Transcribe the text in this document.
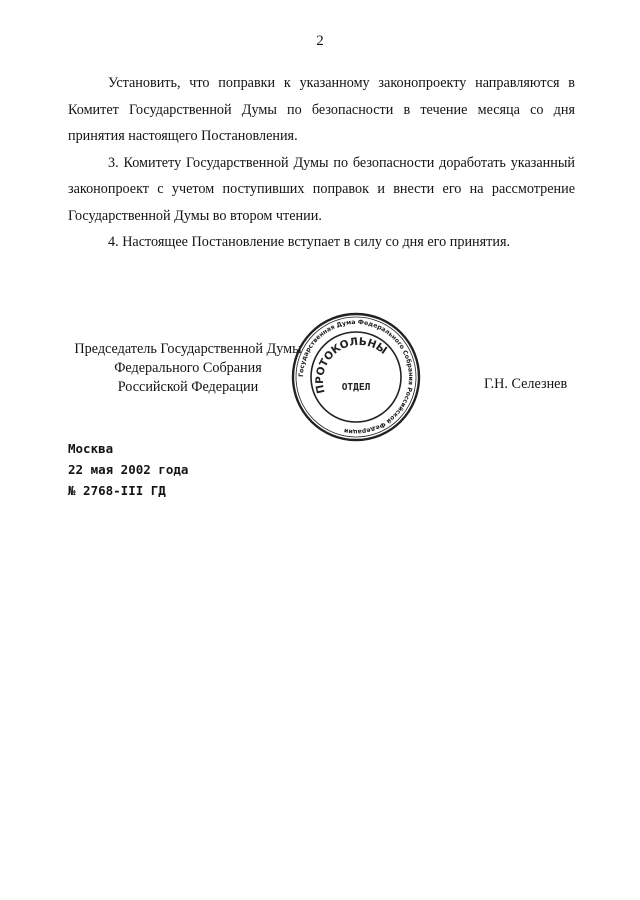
2

Установить, что поправки к указанному законопроекту направляются в Комитет Государственной Думы по безопасности в течение месяца со дня принятия настоящего Постановления.

3. Комитету Государственной Думы по безопасности доработать указанный законопроект с учетом поступивших поправок и внести его на рассмотрение Государственной Думы во втором чтении.

4. Настоящее Постановление вступает в силу со дня его принятия.

Председатель Государственной Думы
Федерального Собрания
Российской Федерации
Государственная Дума Федерального Собрания Российской Федерации
ПРОТОКОЛЬНЫЙ
ОТДЕЛ	Г.Н. Селезнев
Москва
22 мая 2002 года
№ 2768-III ГД
